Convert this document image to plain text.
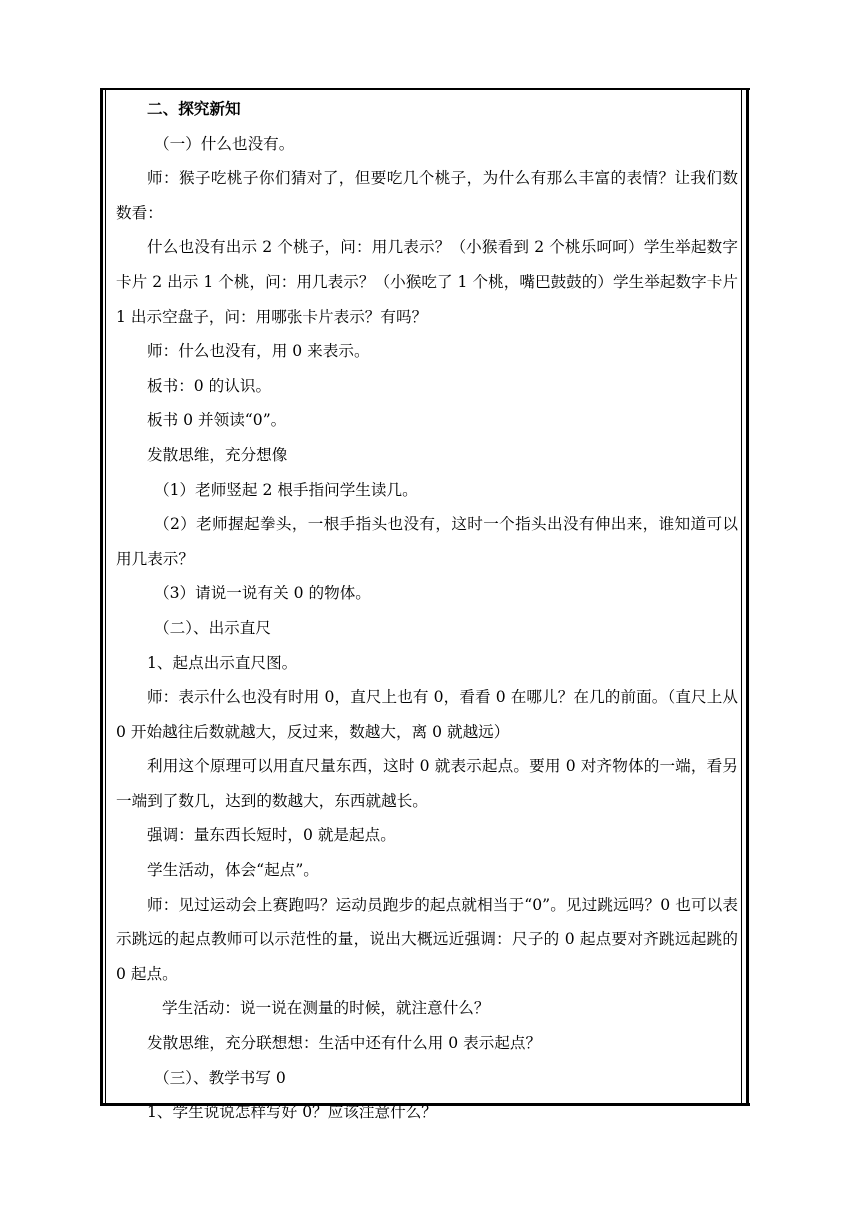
二、探究新知

（一）什么也没有。

师：猴子吃桃子你们猜对了，但要吃几个桃子，为什么有那么丰富的表情？让我们数数看：

什么也没有出示 2 个桃子，问：用几表示？（小猴看到 2 个桃乐呵呵）学生举起数字卡片 2 出示 1 个桃，问：用几表示？（小猴吃了 1 个桃，嘴巴鼓鼓的）学生举起数字卡片 1 出示空盘子，问：用哪张卡片表示？有吗？

师：什么也没有，用 0 来表示。

板书：0 的认识。

板书 0 并领读“0”。

发散思维，充分想像

（1）老师竖起 2 根手指问学生读几。

（2）老师握起拳头，一根手指头也没有，这时一个指头出没有伸出来，谁知道可以用几表示？

（3）请说一说有关 0 的物体。

（二）、出示直尺

1、起点出示直尺图。

师：表示什么也没有时用 0，直尺上也有 0，看看 0 在哪儿？在几的前面。（直尺上从 0 开始越往后数就越大，反过来，数越大，离 0 就越远）

利用这个原理可以用直尺量东西，这时 0 就表示起点。要用 0 对齐物体的一端，看另一端到了数几，达到的数越大，东西就越长。

强调：量东西长短时，0 就是起点。

学生活动，体会“起点”。

师：见过运动会上赛跑吗？运动员跑步的起点就相当于“0”。见过跳远吗？0 也可以表示跳远的起点教师可以示范性的量，说出大概远近强调：尺子的 0 起点要对齐跳远起跳的 0 起点。

学生活动：说一说在测量的时候，就注意什么？

发散思维，充分联想想：生活中还有什么用 0 表示起点？

（三）、教学书写 0

1、学生说说怎样写好 0？应该注意什么？
